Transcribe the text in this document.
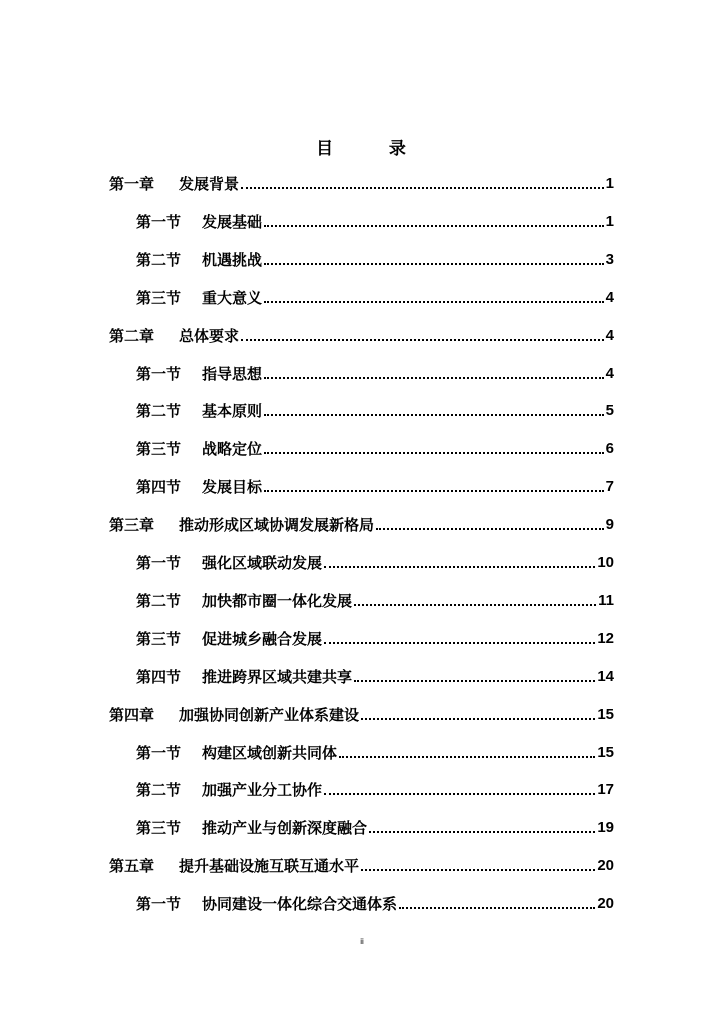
目   录
第一章 发展背景	1
第一节 发展基础	1
第二节 机遇挑战	3
第三节 重大意义	4
第二章 总体要求	4
第一节 指导思想	4
第二节 基本原则	5
第三节 战略定位	6
第四节 发展目标	7
第三章 推动形成区域协调发展新格局	9
第一节 强化区域联动发展	10
第二节 加快都市圈一体化发展	11
第三节 促进城乡融合发展	12
第四节 推进跨界区域共建共享	14
第四章 加强协同创新产业体系建设	15
第一节 构建区域创新共同体	15
第二节 加强产业分工协作	17
第三节 推动产业与创新深度融合	19
第五章 提升基础设施互联互通水平	20
第一节 协同建设一体化综合交通体系	20
ii
